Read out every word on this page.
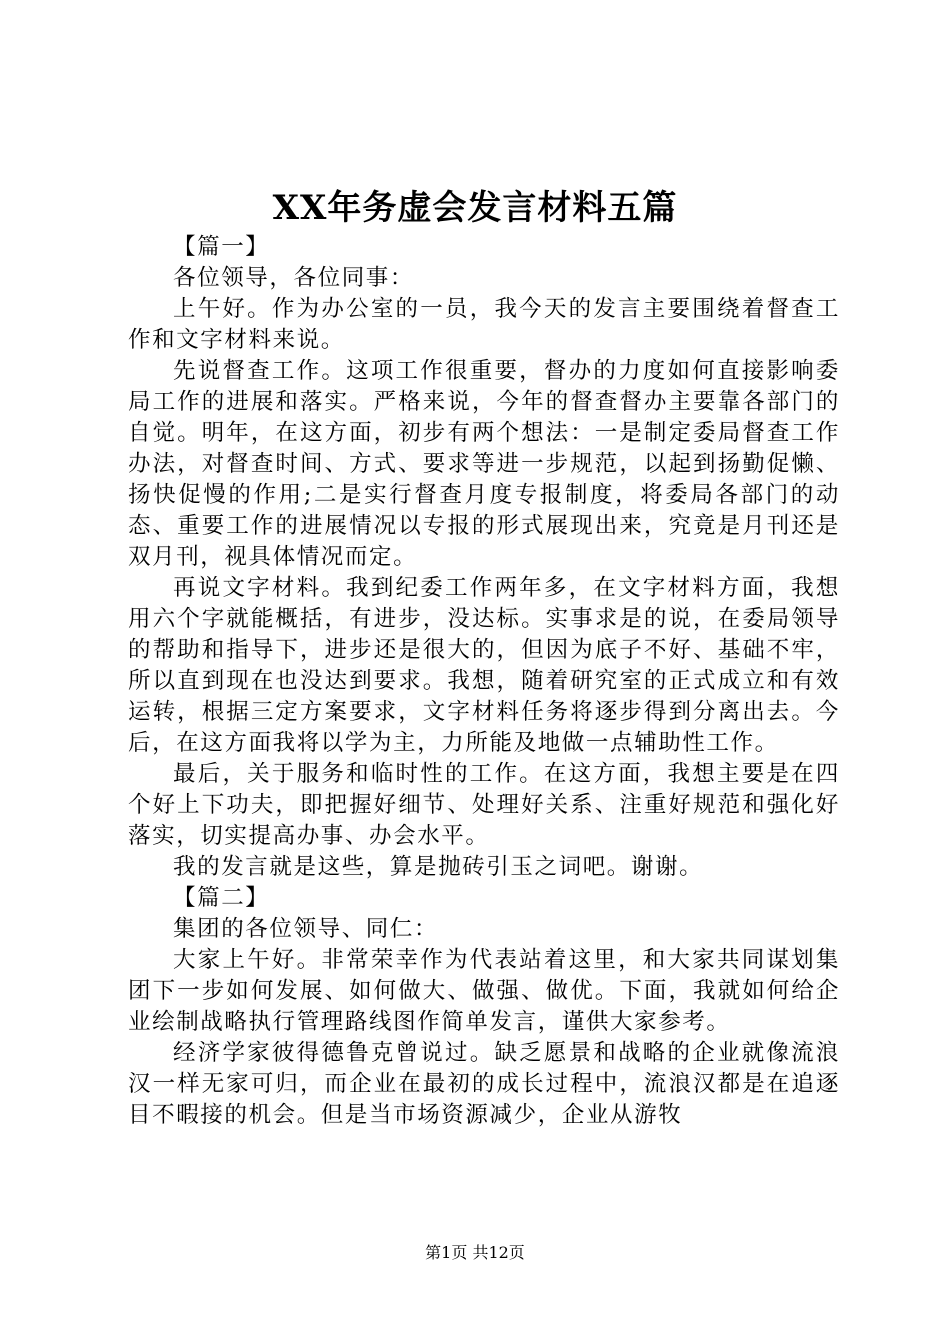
XX年务虚会发言材料五篇

【篇一】

各位领导，各位同事：

上午好。作为办公室的一员，我今天的发言主要围绕着督查工作和文字材料来说。

先说督查工作。这项工作很重要，督办的力度如何直接影响委局工作的进展和落实。严格来说，今年的督查督办主要靠各部门的自觉。明年，在这方面，初步有两个想法：一是制定委局督查工作办法，对督查时间、方式、要求等进一步规范，以起到扬勤促懒、扬快促慢的作用;二是实行督查月度专报制度，将委局各部门的动态、重要工作的进展情况以专报的形式展现出来，究竟是月刊还是双月刊，视具体情况而定。

再说文字材料。我到纪委工作两年多，在文字材料方面，我想用六个字就能概括，有进步，没达标。实事求是的说，在委局领导的帮助和指导下，进步还是很大的，但因为底子不好、基础不牢，所以直到现在也没达到要求。我想，随着研究室的正式成立和有效运转，根据三定方案要求，文字材料任务将逐步得到分离出去。今后，在这方面我将以学为主，力所能及地做一点辅助性工作。

最后，关于服务和临时性的工作。在这方面，我想主要是在四个好上下功夫，即把握好细节、处理好关系、注重好规范和强化好落实，切实提高办事、办会水平。

我的发言就是这些，算是抛砖引玉之词吧。谢谢。

【篇二】

集团的各位领导、同仁：

大家上午好。非常荣幸作为代表站着这里，和大家共同谋划集团下一步如何发展、如何做大、做强、做优。下面，我就如何给企业绘制战略执行管理路线图作简单发言，谨供大家参考。

经济学家彼得德鲁克曾说过。缺乏愿景和战略的企业就像流浪汉一样无家可归，而企业在最初的成长过程中，流浪汉都是在追逐目不暇接的机会。但是当市场资源减少，企业从游牧

第1页 共12页
